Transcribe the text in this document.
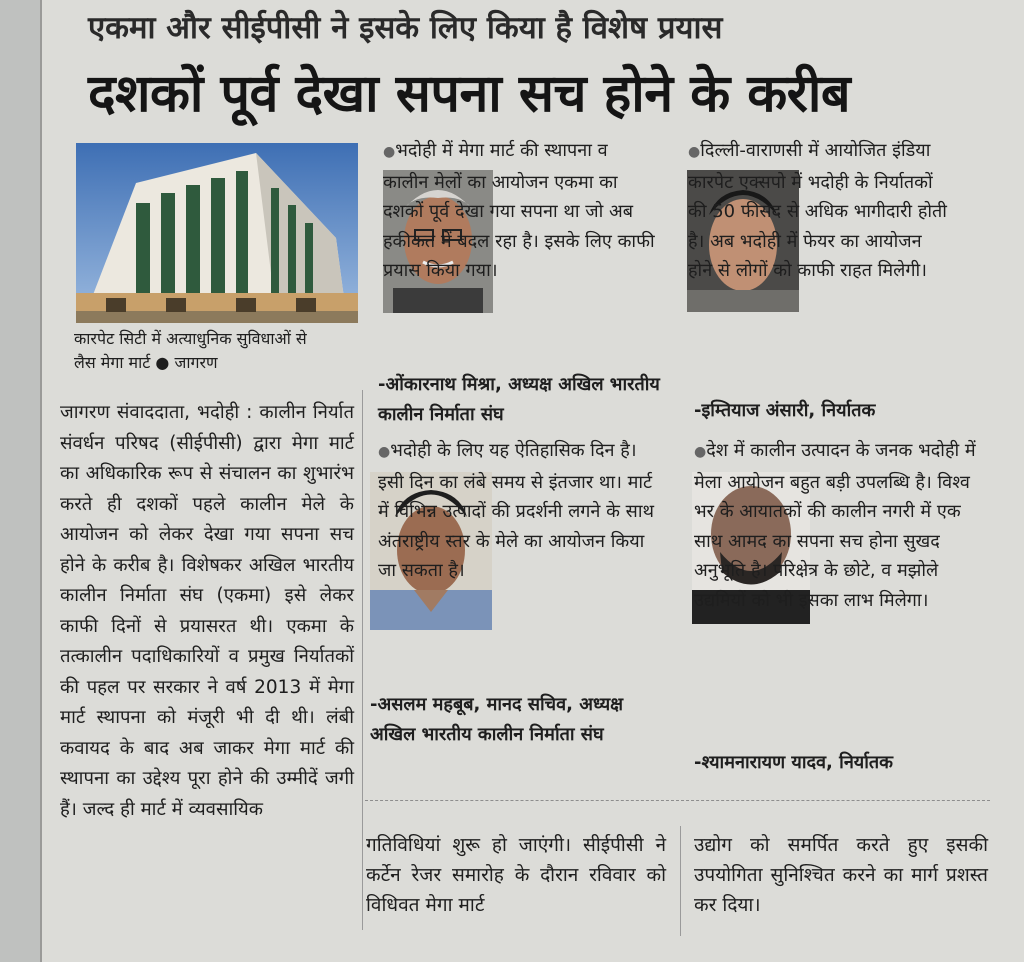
एकमा और सीईपीसी ने इसके लिए किया है विशेष प्रयास
दशकों पूर्व देखा सपना सच होने के करीब
कारपेट सिटी में अत्याधुनिक सुविधाओं से
लैस मेगा मार्ट ● जागरण
जागरण संवाददाता, भदोही : कालीन निर्यात संवर्धन परिषद (सीईपीसी) द्वारा मेगा मार्ट का अधिकारिक रूप से संचालन का शुभारंभ करते ही दशकों पहले कालीन मेले के आयोजन को लेकर देखा गया सपना सच होने के करीब है। विशेषकर अखिल भारतीय कालीन निर्माता संघ (एकमा) इसे लेकर काफी दिनों से प्रयासरत थी। एकमा के तत्कालीन पदाधिकारियों व प्रमुख निर्यातकों की पहल पर सरकार ने वर्ष 2013 में मेगा मार्ट स्थापना को मंजूरी भी दी थी। लंबी कवायद के बाद अब जाकर मेगा मार्ट की स्थापना का उद्देश्य पूरा होने की उम्मीदें जगी हैं। जल्द ही मार्ट में व्यवसायिक
● भदोही में मेगा मार्ट की स्थापना व कालीन मेलों का आयोजन एकमा का दशकों पूर्व देखा गया सपना था जो अब हकीकत में बदल रहा है। इसके लिए काफी प्रयास किया गया।
-ओंकारनाथ मिश्रा, अध्यक्ष अखिल भारतीय कालीन निर्माता संघ
● भदोही के लिए यह ऐतिहासिक दिन है। इसी दिन का लंबे समय से इंतजार था। मार्ट में विभिन्न उत्पादों की प्रदर्शनी लगने के साथ अंतराष्ट्रीय स्तर के मेले का आयोजन किया जा सकता है।
-असलम महबूब, मानद सचिव, अध्यक्ष अखिल भारतीय कालीन निर्माता संघ
● दिल्ली-वाराणसी में आयोजित इंडिया कारपेट एक्सपो में भदोही के निर्यातकों की 50 फीसद से अधिक भागीदारी होती है। अब भदोही में फेयर का आयोजन होने से लोगों को काफी राहत मिलेगी।
-इम्तियाज अंसारी, निर्यातक
● देश में कालीन उत्पादन के जनक भदोही में मेला आयोजन बहुत बड़ी उपलब्धि है। विश्व भर के आयातकों की कालीन नगरी में एक साथ आमद का सपना सच होना सुखद अनुभूति है। परिक्षेत्र के छोटे, व मझोले उद्यमियों को भी इसका लाभ मिलेगा।
-श्यामनारायण यादव, निर्यातक
गतिविधियां शुरू हो जाएंगी। सीईपीसी ने कर्टेन रेजर समारोह के दौरान रविवार को विधिवत मेगा मार्ट
उद्योग को समर्पित करते हुए इसकी उपयोगिता सुनिश्चित करने का मार्ग प्रशस्त कर दिया।
